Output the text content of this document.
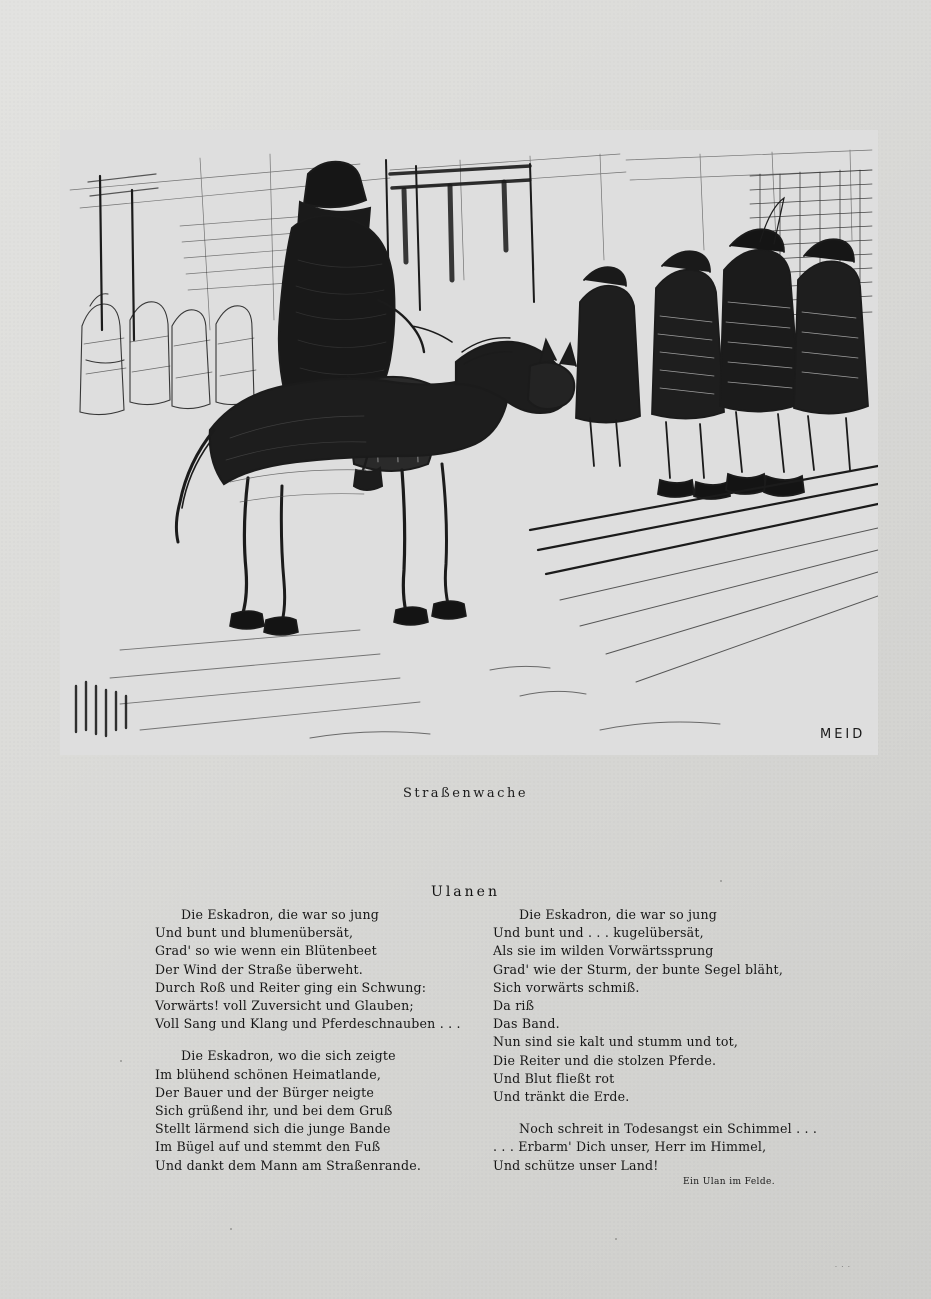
MEID
Straßenwache
Ulanen
Die Eskadron, die war so jung
Und bunt und blumenübersät,
Grad' so wie wenn ein Blütenbeet
Der Wind der Straße überweht.
Durch Roß und Reiter ging ein Schwung:
Vorwärts! voll Zuversicht und Glauben;
Voll Sang und Klang und Pferdeschnauben . . .
Die Eskadron, wo die sich zeigte
Im blühend schönen Heimatlande,
Der Bauer und der Bürger neigte
Sich grüßend ihr, und bei dem Gruß
Stellt lärmend sich die junge Bande
Im Bügel auf und stemmt den Fuß
Und dankt dem Mann am Straßenrande.
Die Eskadron, die war so jung
Und bunt und . . . kugelübersät,
Als sie im wilden Vorwärtssprung
Grad' wie der Sturm, der bunte Segel bläht,
Sich vorwärts schmiß.
Da riß
Das Band.
Nun sind sie kalt und stumm und tot,
Die Reiter und die stolzen Pferde.
Und Blut fließt rot
Und tränkt die Erde.
Noch schreit in Todesangst ein Schimmel . . .
. . . Erbarm' Dich unser, Herr im Himmel,
Und schütze unser Land!
Ein Ulan im Felde.
· · ·
